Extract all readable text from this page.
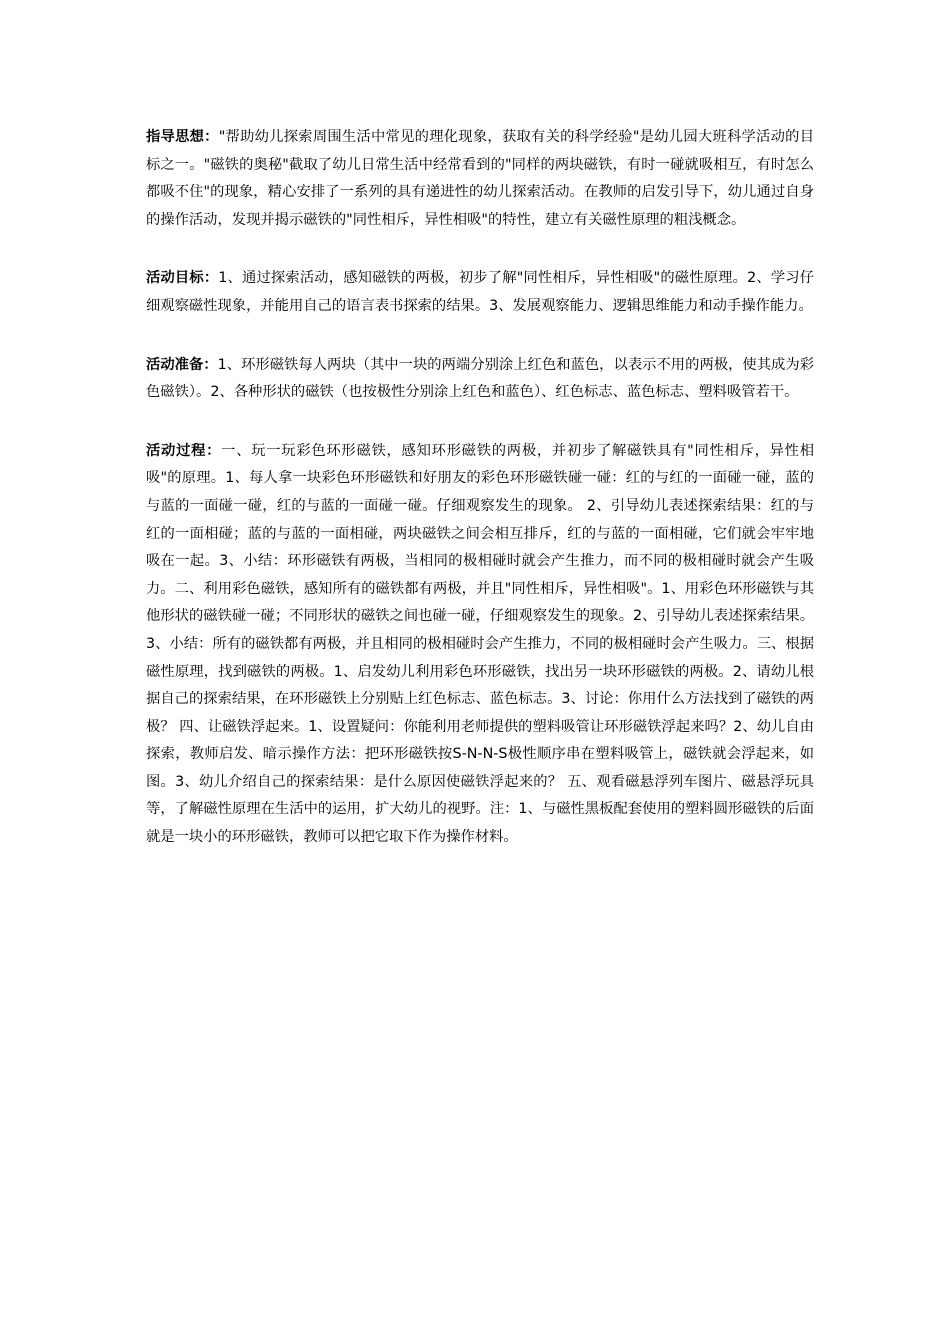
指导思想："帮助幼儿探索周围生活中常见的理化现象，获取有关的科学经验"是幼儿园大班科学活动的目标之一。"磁铁的奥秘"截取了幼儿日常生活中经常看到的"同样的两块磁铁，有时一碰就吸相互，有时怎么都吸不住"的现象，精心安排了一系列的具有递进性的幼儿探索活动。在教师的启发引导下，幼儿通过自身的操作活动，发现并揭示磁铁的"同性相斥，异性相吸"的特性，建立有关磁性原理的粗浅概念。

活动目标：1、通过探索活动，感知磁铁的两极，初步了解"同性相斥，异性相吸"的磁性原理。2、学习仔细观察磁性现象，并能用自己的语言表书探索的结果。3、发展观察能力、逻辑思维能力和动手操作能力。

活动准备：1、环形磁铁每人两块（其中一块的两端分别涂上红色和蓝色，以表示不用的两极，使其成为彩色磁铁）。2、各种形状的磁铁（也按极性分别涂上红色和蓝色）、红色标志、蓝色标志、塑料吸管若干。

活动过程：一、玩一玩彩色环形磁铁，感知环形磁铁的两极，并初步了解磁铁具有"同性相斥，异性相吸"的原理。1、每人拿一块彩色环形磁铁和好朋友的彩色环形磁铁碰一碰：红的与红的一面碰一碰，蓝的与蓝的一面碰一碰，红的与蓝的一面碰一碰。仔细观察发生的现象。 2、引导幼儿表述探索结果：红的与红的一面相碰；蓝的与蓝的一面相碰，两块磁铁之间会相互排斥，红的与蓝的一面相碰，它们就会牢牢地吸在一起。3、小结：环形磁铁有两极，当相同的极相碰时就会产生推力，而不同的极相碰时就会产生吸力。二、利用彩色磁铁，感知所有的磁铁都有两极，并且"同性相斥，异性相吸"。1、用彩色环形磁铁与其他形状的磁铁碰一碰；不同形状的磁铁之间也碰一碰，仔细观察发生的现象。2、引导幼儿表述探索结果。3、小结：所有的磁铁都有两极，并且相同的极相碰时会产生推力，不同的极相碰时会产生吸力。三、根据磁性原理，找到磁铁的两极。1、启发幼儿利用彩色环形磁铁，找出另一块环形磁铁的两极。2、请幼儿根据自己的探索结果，在环形磁铁上分别贴上红色标志、蓝色标志。3、讨论：你用什么方法找到了磁铁的两极？ 四、让磁铁浮起来。1、设置疑问：你能利用老师提供的塑料吸管让环形磁铁浮起来吗？2、幼儿自由探索，教师启发、暗示操作方法：把环形磁铁按S-N-N-S极性顺序串在塑料吸管上，磁铁就会浮起来，如图。3、幼儿介绍自己的探索结果：是什么原因使磁铁浮起来的？ 五、观看磁悬浮列车图片、磁悬浮玩具等，了解磁性原理在生活中的运用，扩大幼儿的视野。注：1、与磁性黑板配套使用的塑料圆形磁铁的后面就是一块小的环形磁铁，教师可以把它取下作为操作材料。
